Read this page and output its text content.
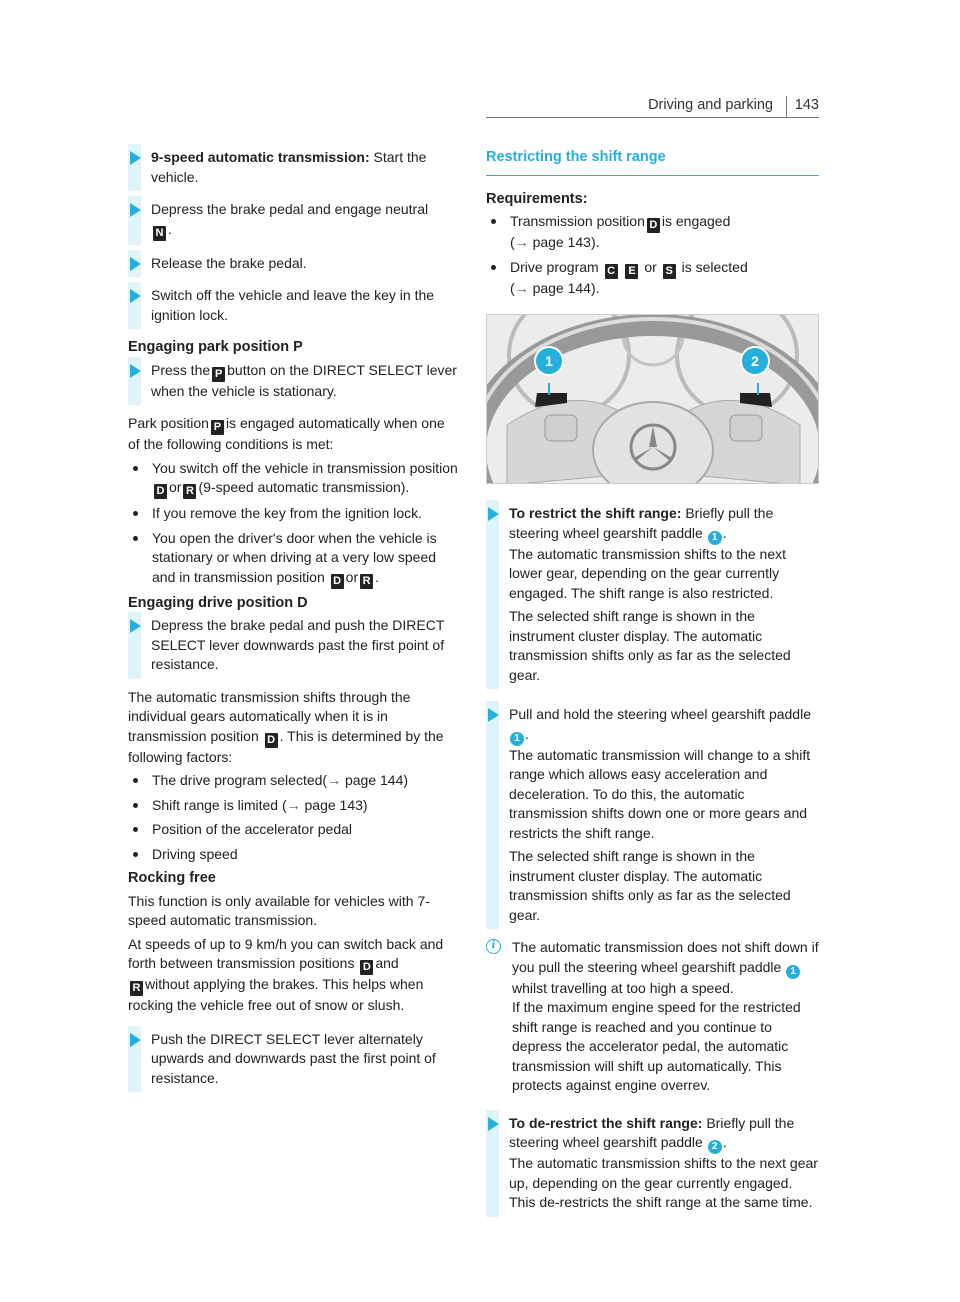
Driving and parking	143
9-speed automatic transmission: Start the vehicle.
Depress the brake pedal and engage neutral
N .
Release the brake pedal.
Switch off the vehicle and leave the key in the ignition lock.
Engaging park position P
Press the P button on the DIRECT SELECT lever when the vehicle is stationary.

Park position P is engaged automatically when one of the following conditions is met:

You switch off the vehicle in transmission position D or R (9-speed automatic transmission).
If you remove the key from the ignition lock.
You open the driver's door when the vehicle is stationary or when driving at a very low speed and in transmission position D or R .
Engaging drive position D
Depress the brake pedal and push the DIRECT SELECT lever downwards past the first point of resistance.

The automatic transmission shifts through the individual gears automatically when it is in transmission position D . This is determined by the following factors:

The drive program selected(→ page 144)
Shift range is limited (→ page 143)
Position of the accelerator pedal
Driving speed
Rocking free

This function is only available for vehicles with 7-speed automatic transmission.

At speeds of up to 9 km/h you can switch back and forth between transmission positions D and
R without applying the brakes. This helps when rocking the vehicle free out of snow or slush.

Push the DIRECT SELECT lever alternately upwards and downwards past the first point of resistance.
Restricting the shift range
Requirements:
Transmission position D is engaged
(→ page 143).
Drive program C E or S is selected
(→ page 144).
1	2
To restrict the shift range: Briefly pull the steering wheel gearshift paddle 1 .
The automatic transmission shifts to the next lower gear, depending on the gear currently engaged. The shift range is also restricted.

The selected shift range is shown in the instrument cluster display. The automatic transmission shifts only as far as the selected gear.

Pull and hold the steering wheel gearshift paddle 1 .
The automatic transmission will change to a shift range which allows easy acceleration and deceleration. To do this, the automatic transmission shifts down one or more gears and restricts the shift range.

The selected shift range is shown in the instrument cluster display. The automatic transmission shifts only as far as the selected gear.

i	The automatic transmission does not shift down if you pull the steering wheel gearshift paddle 1 whilst travelling at too high a speed.
If the maximum engine speed for the restricted shift range is reached and you continue to depress the accelerator pedal, the automatic transmission will shift up automatically. This protects against engine overrev.
To de-restrict the shift range: Briefly pull the steering wheel gearshift paddle 2 .
The automatic transmission shifts to the next gear up, depending on the gear currently engaged. This de-restricts the shift range at the same time.
